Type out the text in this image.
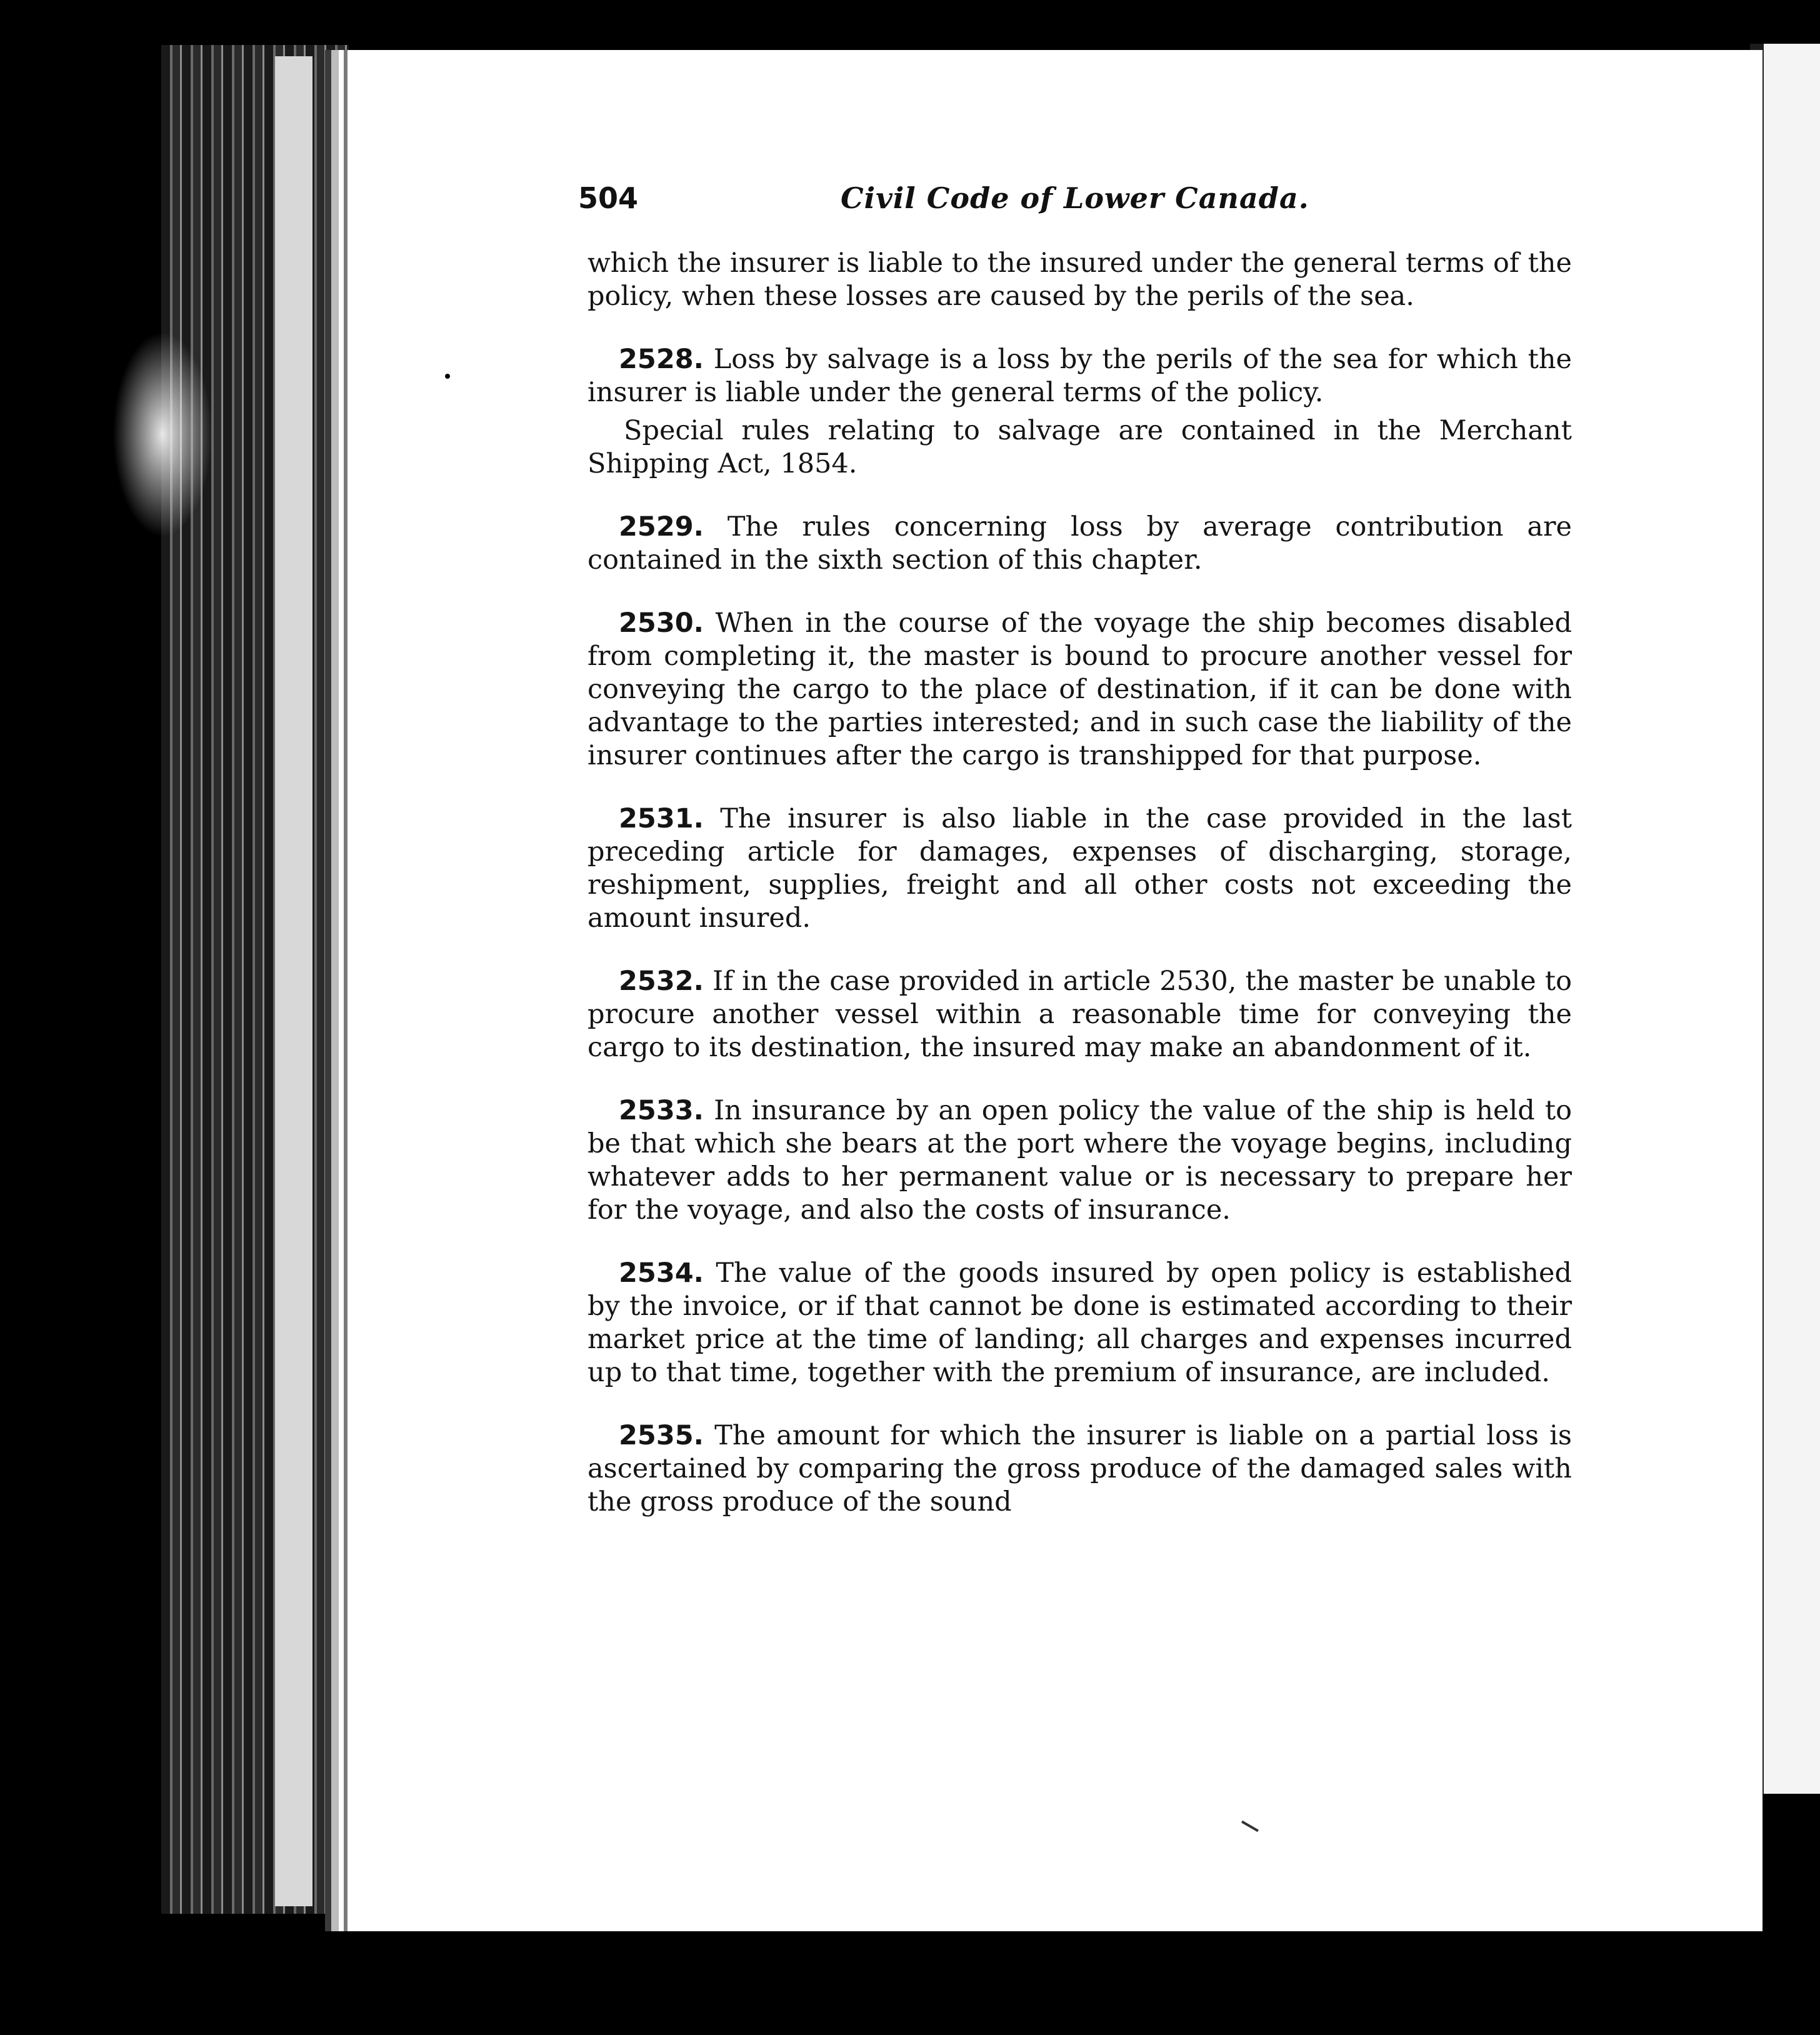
504	Civil Code of Lower Canada.

which the insurer is liable to the insured under the general terms of the policy, when these losses are caused by the perils of the sea.

2528. Loss by salvage is a loss by the perils of the sea for which the insurer is liable under the general terms of the policy.

Special rules relating to salvage are contained in the Merchant Shipping Act, 1854.

2529. The rules concerning loss by average contribution are contained in the sixth section of this chapter.

2530. When in the course of the voyage the ship becomes disabled from completing it, the master is bound to procure another vessel for conveying the cargo to the place of destination, if it can be done with advantage to the parties interested; and in such case the liability of the insurer continues after the cargo is transhipped for that purpose.

2531. The insurer is also liable in the case provided in the last preceding article for damages, expenses of discharging, storage, reshipment, supplies, freight and all other costs not exceeding the amount insured.

2532. If in the case provided in article 2530, the master be unable to procure another vessel within a reasonable time for conveying the cargo to its destination, the insured may make an abandonment of it.

2533. In insurance by an open policy the value of the ship is held to be that which she bears at the port where the voyage begins, including whatever adds to her permanent value or is necessary to prepare her for the voyage, and also the costs of insurance.

2534. The value of the goods insured by open policy is established by the invoice, or if that cannot be done is estimated according to their market price at the time of landing; all charges and expenses incurred up to that time, together with the premium of insurance, are included.

2535. The amount for which the insurer is liable on a partial loss is ascertained by comparing the gross produce of the damaged sales with the gross produce of the sound
